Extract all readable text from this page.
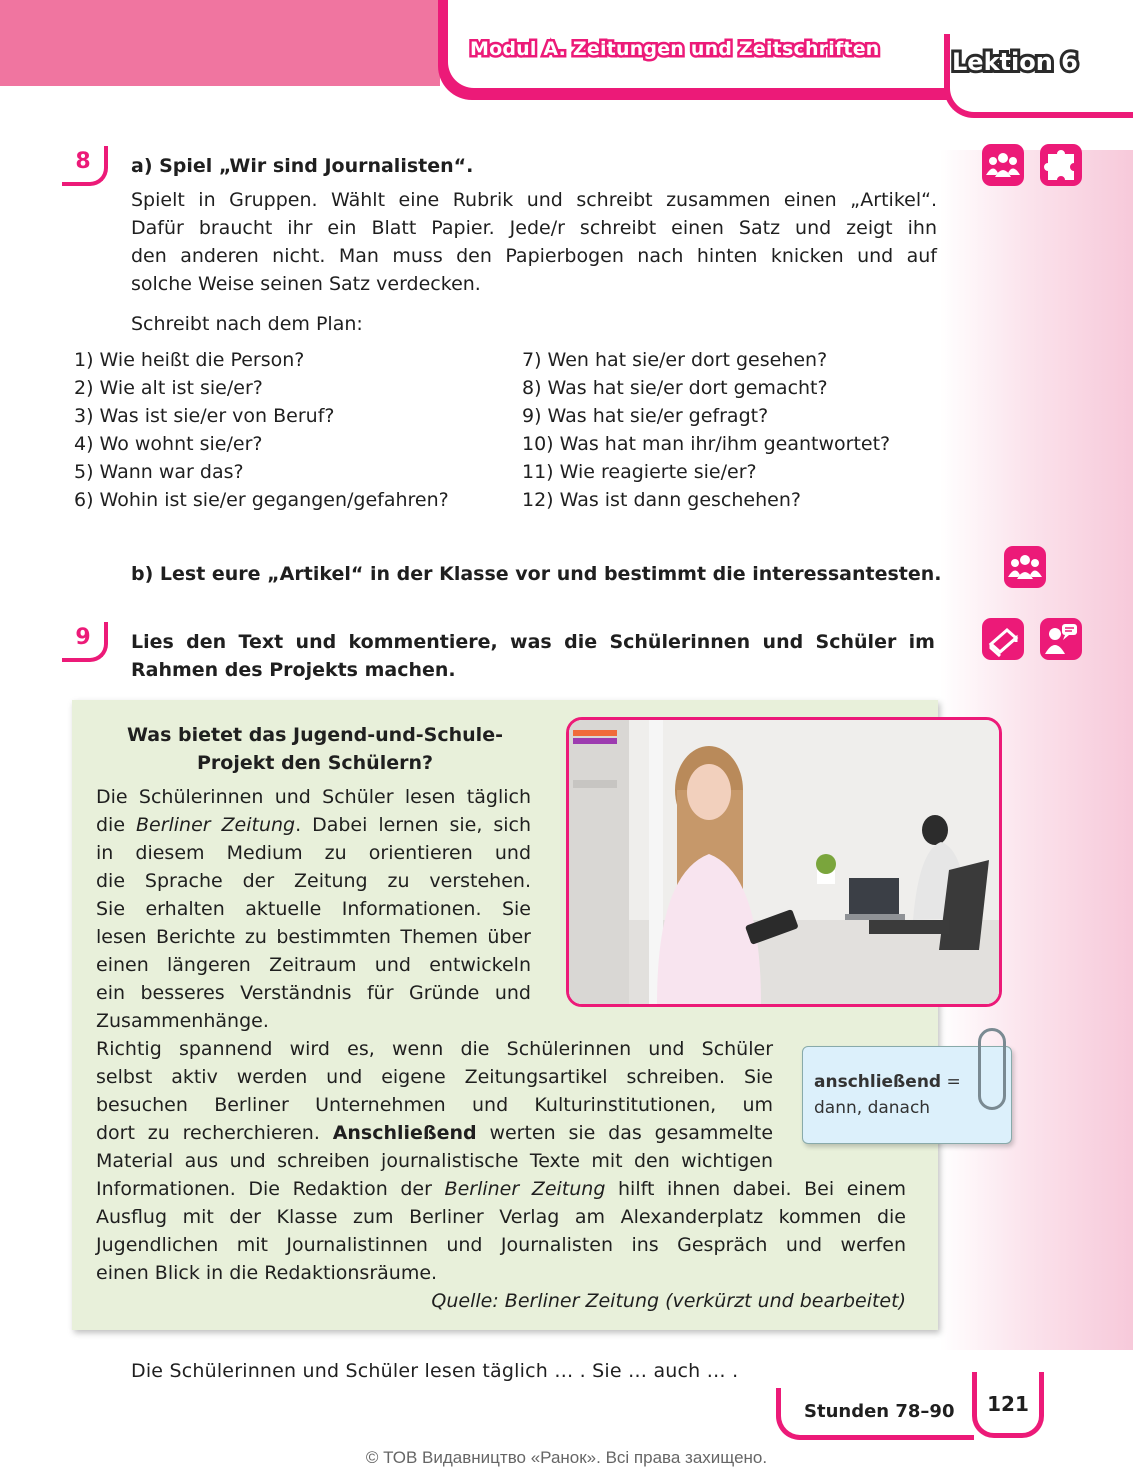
Modul A. Zeitungen und Zeitschriften	Lektion 6
8	a) Spiel „Wir sind Journalisten“.
Spielt in Gruppen. Wählt eine Rubrik und schreibt zusammen einen „Artikel“.
Dafür braucht ihr ein Blatt Papier. Jede/r schreibt einen Satz und zeigt ihn
den anderen nicht. Man muss den Papierbogen nach hinten knicken und auf
solche Weise seinen Satz verdecken.
Schreibt nach dem Plan:
1) Wie heißt die Person?
2) Wie alt ist sie/er?
3) Was ist sie/er von Beruf?
4) Wo wohnt sie/er?
5) Wann war das?
6) Wohin ist sie/er gegangen/gefahren?
7) Wen hat sie/er dort gesehen?
8) Was hat sie/er dort gemacht?
9) Was hat sie/er gefragt?
10) Was hat man ihr/ihm geantwortet?
11) Wie reagierte sie/er?
12) Was ist dann geschehen?
b) Lest eure „Artikel“ in der Klasse vor und bestimmt die interessantesten.
9	Lies den Text und kommentiere, was die Schülerinnen und Schüler im
Rahmen des Projekts machen.
Was bietet das Jugend-und-Schule-
Projekt den Schülern?
Die Schülerinnen und Schüler lesen täglich
die Berliner Zeitung. Dabei lernen sie, sich
in diesem Medium zu orientieren und
die Sprache der Zeitung zu verstehen.
Sie erhalten aktuelle Informationen. Sie
lesen Berichte zu bestimmten Themen über
einen längeren Zeitraum und entwickeln
ein besseres Verständnis für Gründe und
Zusammenhänge.
Richtig spannend wird es, wenn die Schülerinnen und Schüler
selbst aktiv werden und eigene Zeitungsartikel schreiben. Sie
besuchen Berliner Unternehmen und Kulturinstitutionen, um
dort zu recherchieren. Anschließend werten sie das gesammelte
Material aus und schreiben journalistische Texte mit den wichtigen
Informationen. Die Redaktion der Berliner Zeitung hilft ihnen dabei. Bei einem
Ausflug mit der Klasse zum Berliner Verlag am Alexanderplatz kommen die
Jugendlichen mit Journalistinnen und Journalisten ins Gespräch und werfen
einen Blick in die Redaktionsräume.
Quelle: Berliner Zeitung (verkürzt und bearbeitet)
anschließend =
dann, danach
Die Schülerinnen und Schüler lesen täglich … . Sie … auch … .
Stunden 78–90	121
© ТОВ Видавництво «Ранок». Всі права захищено.
